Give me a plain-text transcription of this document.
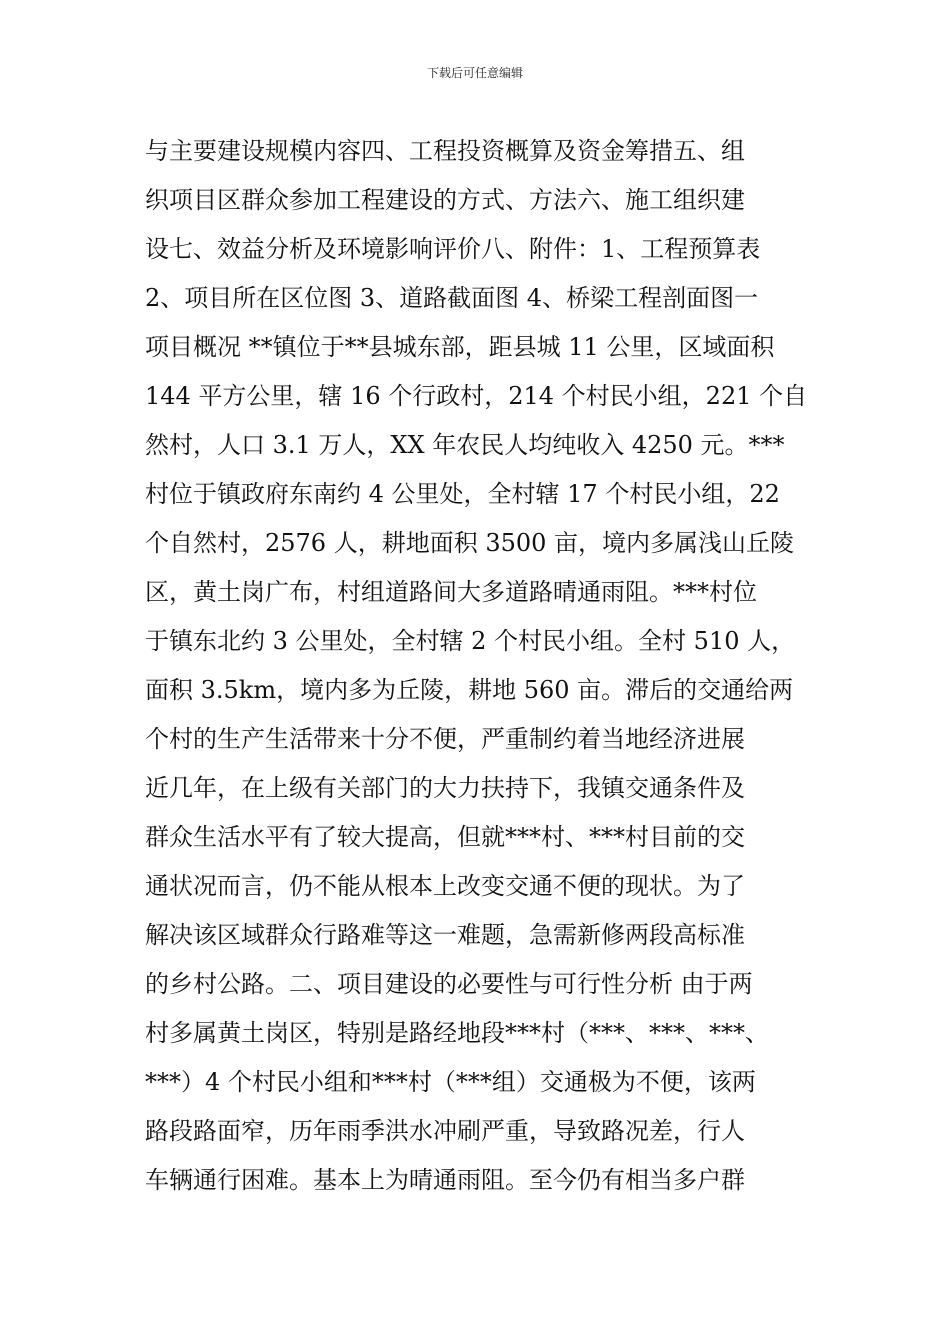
下载后可任意编辑
与主要建设规模内容四、工程投资概算及资金筹措五、组
织项目区群众参加工程建设的方式、方法六、施工组织建
设七、效益分析及环境影响评价八、附件：1、工程预算表
2、项目所在区位图 3、道路截面图 4、桥梁工程剖面图一
项目概况 **镇位于**县城东部，距县城 11 公里，区域面积
144 平方公里，辖 16 个行政村，214 个村民小组，221 个自
然村，人口 3.1 万人，XX 年农民人均纯收入 4250 元。***
村位于镇政府东南约 4 公里处，全村辖 17 个村民小组，22
个自然村，2576 人，耕地面积 3500 亩，境内多属浅山丘陵
区，黄土岗广布，村组道路间大多道路晴通雨阻。***村位
于镇东北约 3 公里处，全村辖 2 个村民小组。全村 510 人，
面积 3.5km，境内多为丘陵，耕地 560 亩。滞后的交通给两
个村的生产生活带来十分不便，严重制约着当地经济进展
近几年，在上级有关部门的大力扶持下，我镇交通条件及
群众生活水平有了较大提高，但就***村、***村目前的交
通状况而言，仍不能从根本上改变交通不便的现状。为了
解决该区域群众行路难等这一难题，急需新修两段高标准
的乡村公路。二、项目建设的必要性与可行性分析 由于两
村多属黄土岗区，特别是路经地段***村（***、***、***、
***）4 个村民小组和***村（***组）交通极为不便，该两
路段路面窄，历年雨季洪水冲刷严重，导致路况差，行人
车辆通行困难。基本上为晴通雨阻。至今仍有相当多户群
